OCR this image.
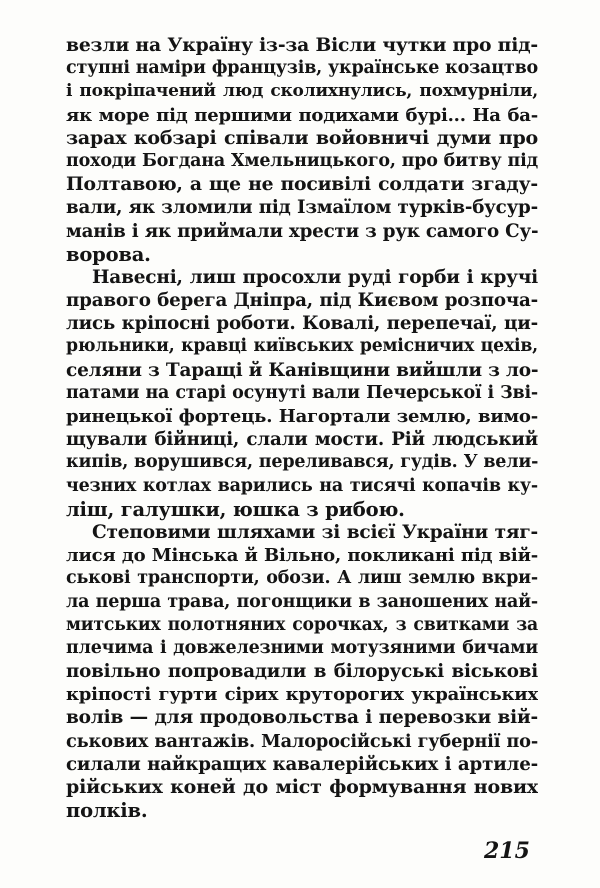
везли на Україну із-за Вісли чутки про під-
ступні наміри французів, українське козацтво
і покріпачений люд сколихнулись, похмурніли,
як море під першими подихами бурі... На ба-
зарах кобзарі співали войовничі думи про
походи Богдана Хмельницького, про битву під
Полтавою, а ще не посивілі солдати згаду-
вали, як зломили під Ізмаїлом турків-бусур-
манів і як приймали хрести з рук самого Су-
ворова.
Навесні, лиш просохли руді горби і кручі
правого берега Дніпра, під Києвом розпоча-
лись кріпосні роботи. Ковалі, перепечаї, ци-
рюльники, кравці київських ремісничих цехів,
селяни з Таращі й Канівщини вийшли з ло-
патами на старі осунуті вали Печерської і Зві-
ринецької фортець. Нагортали землю, вимо-
щували бійниці, слали мости. Рій людський
кипів, ворушився, переливався, гудів. У вели-
чезних котлах варились на тисячі копачів ку-
ліш, галушки, юшка з рибою.
Степовими шляхами зі всієї України тяг-
лися до Мінська й Вільно, покликані під вій-
ськові транспорти, обози. А лиш землю вкри-
ла перша трава, погонщики в заношених най-
митських полотняних сорочках, з свитками за
плечима і довжелезними мотузяними бичами
повільно попровадили в білоруські віськові
кріпості гурти сірих круторогих українських
волів — для продовольства і перевозки вій-
ськових вантажів. Малоросійські губернії по-
силали найкращих кавалерійських і артиле-
рійських коней до міст формування нових
полків.
215
